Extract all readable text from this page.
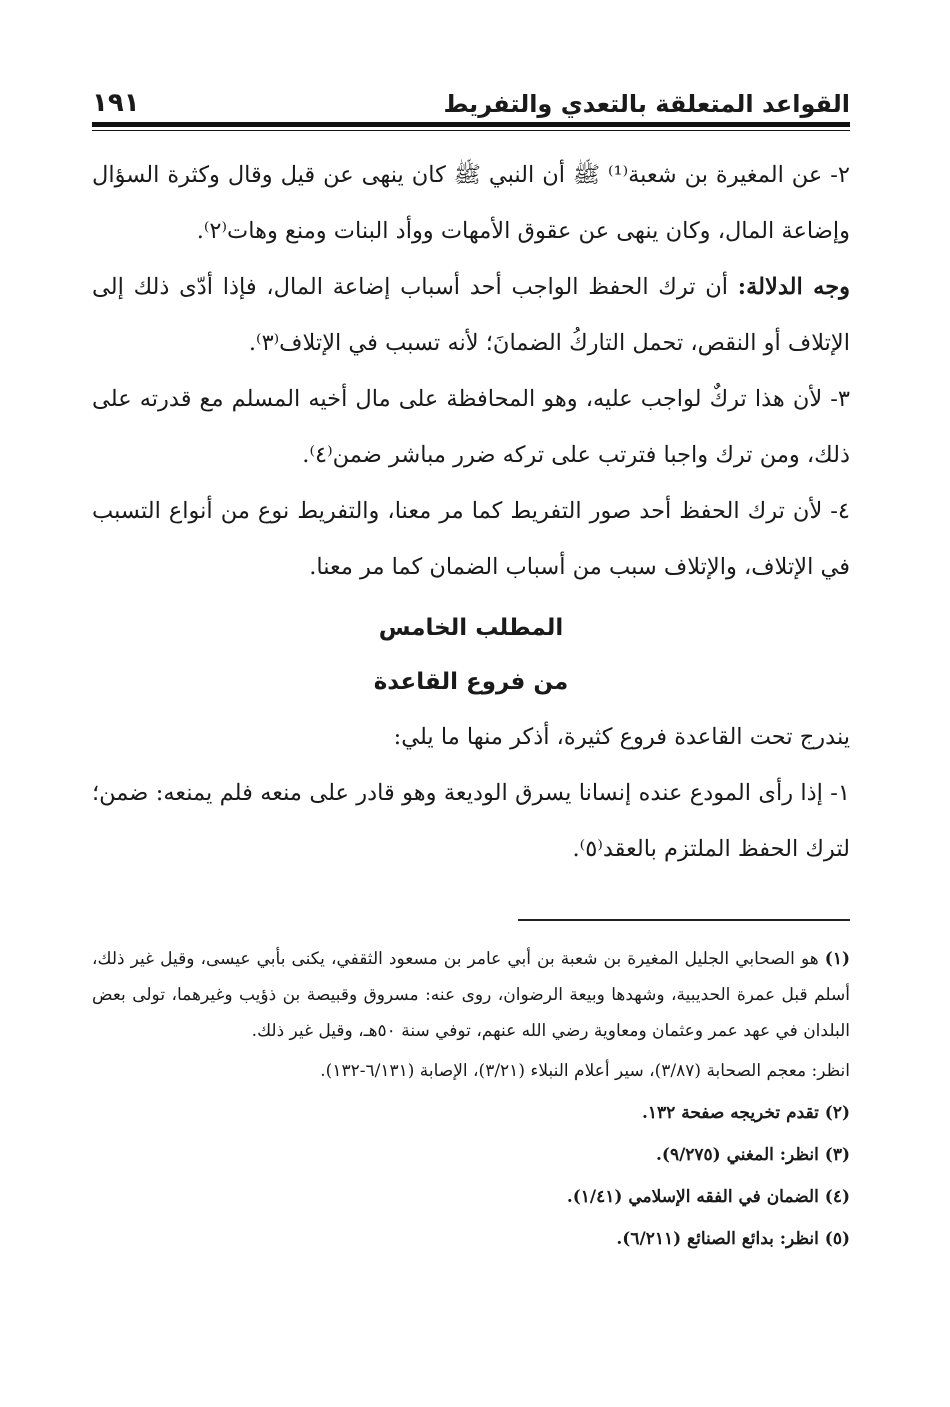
القواعد المتعلقة بالتعدي والتفريط
١٩١

٢- عن المغيرة بن شعبة⁽¹⁾ ﷺ أن النبي ﷺ كان ينهى عن قيل وقال وكثرة السؤال وإضاعة المال، وكان ينهى عن عقوق الأمهات ووأد البنات ومنع وهات⁽٢⁾.

وجه الدلالة: أن ترك الحفظ الواجب أحد أسباب إضاعة المال، فإذا أدّى ذلك إلى الإتلاف أو النقص، تحمل التاركُ الضمانَ؛ لأنه تسبب في الإتلاف⁽٣⁾.

٣- لأن هذا تركٌ لواجب عليه، وهو المحافظة على مال أخيه المسلم مع قدرته على ذلك، ومن ترك واجبا فترتب على تركه ضرر مباشر ضمن⁽٤⁾.

٤- لأن ترك الحفظ أحد صور التفريط كما مر معنا، والتفريط نوع من أنواع التسبب في الإتلاف، والإتلاف سبب من أسباب الضمان كما مر معنا.

المطلب الخامس

من فروع القاعدة

يندرج تحت القاعدة فروع كثيرة، أذكر منها ما يلي:

١- إذا رأى المودع عنده إنسانا يسرق الوديعة وهو قادر على منعه فلم يمنعه: ضمن؛ لترك الحفظ الملتزم بالعقد⁽٥⁾.

(١) هو الصحابي الجليل المغيرة بن شعبة بن أبي عامر بن مسعود الثقفي، يكنى بأبي عيسى، وقيل غير ذلك، أسلم قبل عمرة الحديبية، وشهدها وبيعة الرضوان، روى عنه: مسروق وقبيصة بن ذؤيب وغيرهما، تولى بعض البلدان في عهد عمر وعثمان ومعاوية رضي الله عنهم، توفي سنة ٥٠هـ، وقيل غير ذلك.

انظر: معجم الصحابة (٣/٨٧)، سير أعلام النبلاء (٣/٢١)، الإصابة (٦/١٣١-١٣٢).

(٢) تقدم تخريجه صفحة ١٣٢.

(٣) انظر: المغني (٩/٢٧٥).

(٤) الضمان في الفقه الإسلامي (١/٤١).

(٥) انظر: بدائع الصنائع (٦/٢١١).
